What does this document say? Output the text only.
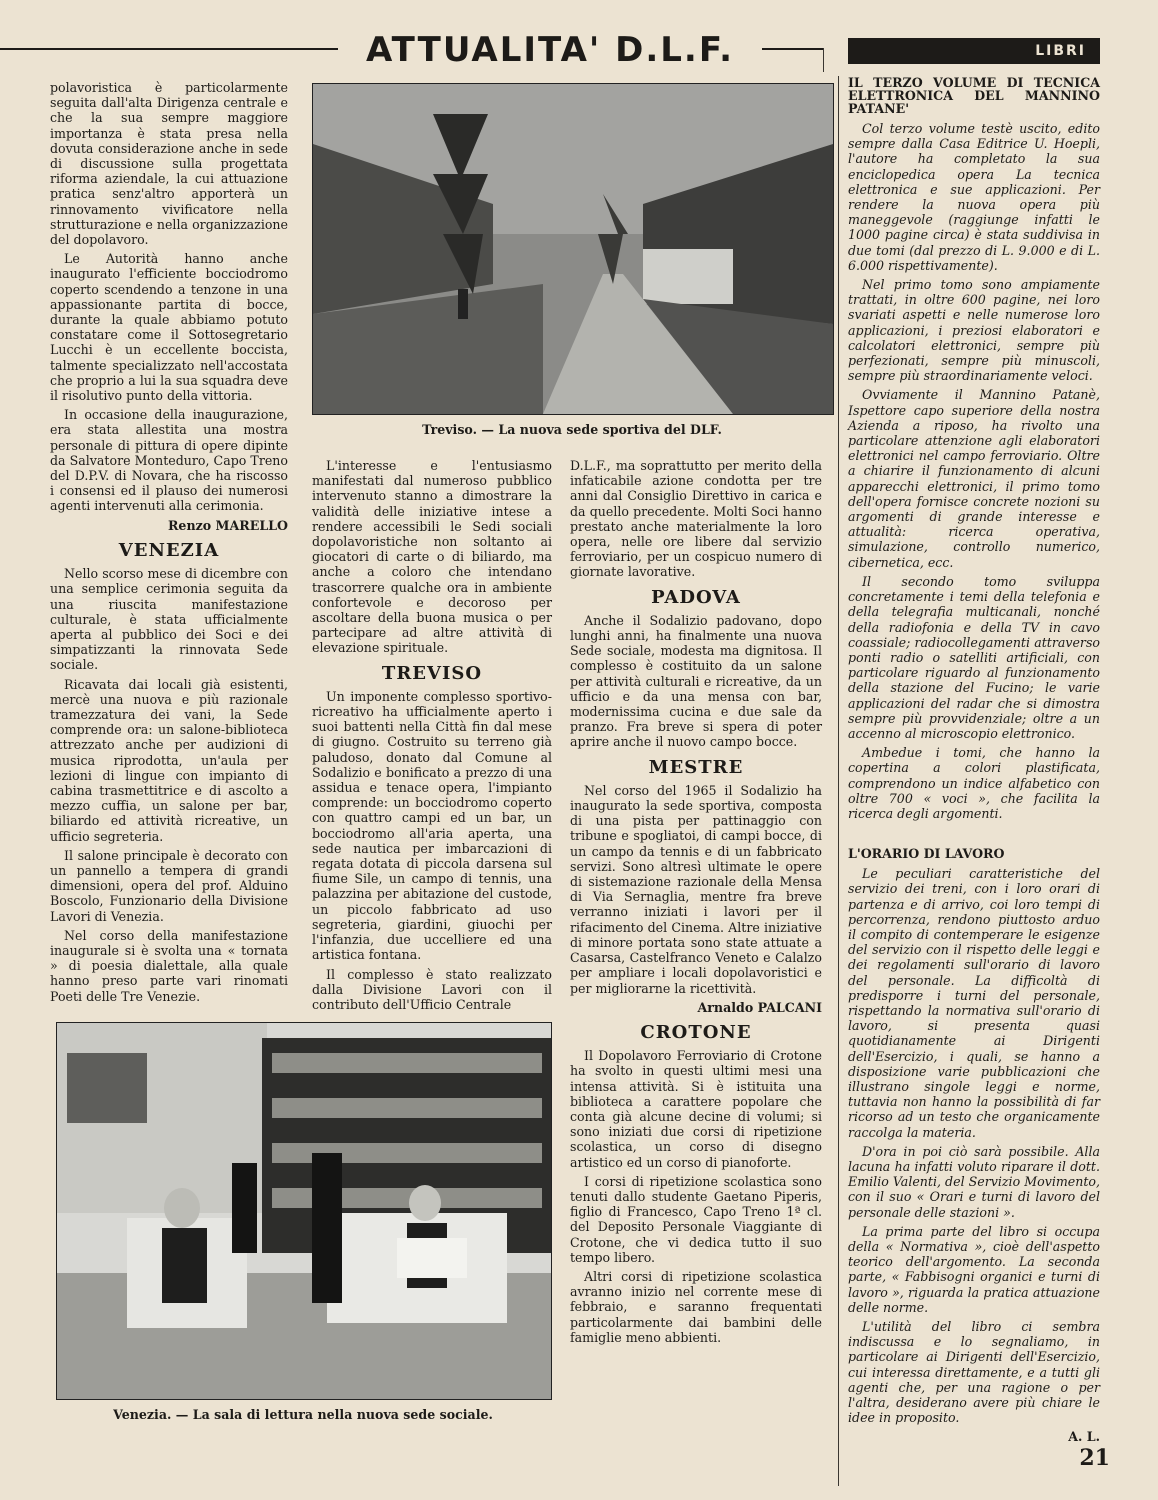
ATTUALITA' D.L.F.	LIBRI

polavoristica è particolarmente seguita dall'alta Dirigenza centrale e che la sua sempre maggiore importanza è stata presa nella dovuta considerazione anche in sede di discussione sulla progettata riforma aziendale, la cui attuazione pratica senz'altro apporterà un rinnovamento vivificatore nella strutturazione e nella organizzazione del dopolavoro.

Le Autorità hanno anche inaugurato l'efficiente bocciodromo coperto scendendo a tenzone in una appassionante partita di bocce, durante la quale abbiamo potuto constatare come il Sottosegretario Lucchi è un eccellente boccista, talmente specializzato nell'accostata che proprio a lui la sua squadra deve il risolutivo punto della vittoria.

In occasione della inaugurazione, era stata allestita una mostra personale di pittura di opere dipinte da Salvatore Monteduro, Capo Treno del D.P.V. di Novara, che ha riscosso i consensi ed il plauso dei numerosi agenti intervenuti alla cerimonia.

Renzo MARELLO
VENEZIA

Nello scorso mese di dicembre con una semplice cerimonia seguita da una riuscita manifestazione culturale, è stata ufficialmente aperta al pubblico dei Soci e dei simpatizzanti la rinnovata Sede sociale.

Ricavata dai locali già esistenti, mercè una nuova e più razionale tramezzatura dei vani, la Sede comprende ora: un salone-biblioteca attrezzato anche per audizioni di musica riprodotta, un'aula per lezioni di lingue con impianto di cabina trasmettitrice e di ascolto a mezzo cuffia, un salone per bar, biliardo ed attività ricreative, un ufficio segreteria.

Il salone principale è decorato con un pannello a tempera di grandi dimensioni, opera del prof. Alduino Boscolo, Funzionario della Divisione Lavori di Venezia.

Nel corso della manifestazione inaugurale si è svolta una « tornata » di poesia dialettale, alla quale hanno preso parte vari rinomati Poeti delle Tre Venezie.

Treviso. — La nuova sede sportiva del DLF.

L'interesse e l'entusiasmo manifestati dal numeroso pubblico intervenuto stanno a dimostrare la validità delle iniziative intese a rendere accessibili le Sedi sociali dopolavoristiche non soltanto ai giocatori di carte o di biliardo, ma anche a coloro che intendano trascorrere qualche ora in ambiente confortevole e decoroso per ascoltare della buona musica o per partecipare ad altre attività di elevazione spirituale.

TREVISO

Un imponente complesso sportivo-ricreativo ha ufficialmente aperto i suoi battenti nella Città fin dal mese di giugno. Costruito su terreno già paludoso, donato dal Comune al Sodalizio e bonificato a prezzo di una assidua e tenace opera, l'impianto comprende: un bocciodromo coperto con quattro campi ed un bar, un bocciodromo all'aria aperta, una sede nautica per imbarcazioni di regata dotata di piccola darsena sul fiume Sile, un campo di tennis, una palazzina per abitazione del custode, un piccolo fabbricato ad uso segreteria, giardini, giuochi per l'infanzia, due uccelliere ed una artistica fontana.

Il complesso è stato realizzato dalla Divisione Lavori con il contributo dell'Ufficio Centrale

D.L.F., ma soprattutto per merito della infaticabile azione condotta per tre anni dal Consiglio Direttivo in carica e da quello precedente. Molti Soci hanno prestato anche materialmente la loro opera, nelle ore libere dal servizio ferroviario, per un cospicuo numero di giornate lavorative.

PADOVA

Anche il Sodalizio padovano, dopo lunghi anni, ha finalmente una nuova Sede sociale, modesta ma dignitosa. Il complesso è costituito da un salone per attività culturali e ricreative, da un ufficio e da una mensa con bar, modernissima cucina e due sale da pranzo. Fra breve si spera di poter aprire anche il nuovo campo bocce.

MESTRE

Nel corso del 1965 il Sodalizio ha inaugurato la sede sportiva, composta di una pista per pattinaggio con tribune e spogliatoi, di campi bocce, di un campo da tennis e di un fabbricato servizi. Sono altresì ultimate le opere di sistemazione razionale della Mensa di Via Sernaglia, mentre fra breve verranno iniziati i lavori per il rifacimento del Cinema. Altre iniziative di minore portata sono state attuate a Casarsa, Castelfranco Veneto e Calalzo per ampliare i locali dopolavoristici e per migliorarne la ricettività.

Arnaldo PALCANI
CROTONE

Il Dopolavoro Ferroviario di Crotone ha svolto in questi ultimi mesi una intensa attività. Si è istituita una biblioteca a carattere popolare che conta già alcune decine di volumi; si sono iniziati due corsi di ripetizione scolastica, un corso di disegno artistico ed un corso di pianoforte.

I corsi di ripetizione scolastica sono tenuti dallo studente Gaetano Piperis, figlio di Francesco, Capo Treno 1ª cl. del Deposito Personale Viaggiante di Crotone, che vi dedica tutto il suo tempo libero.

Altri corsi di ripetizione scolastica avranno inizio nel corrente mese di febbraio, e saranno frequentati particolarmente dai bambini delle famiglie meno abbienti.

Venezia. — La sala di lettura nella nuova sede sociale.
IL TERZO VOLUME DI TECNICA ELETTRONICA DEL MANNINO PATANE'

Col terzo volume testè uscito, edito sempre dalla Casa Editrice U. Hoepli, l'autore ha completato la sua enciclopedica opera La tecnica elettronica e sue applicazioni. Per rendere la nuova opera più maneggevole (raggiunge infatti le 1000 pagine circa) è stata suddivisa in due tomi (dal prezzo di L. 9.000 e di L. 6.000 rispettivamente).

Nel primo tomo sono ampiamente trattati, in oltre 600 pagine, nei loro svariati aspetti e nelle numerose loro applicazioni, i preziosi elaboratori e calcolatori elettronici, sempre più perfezionati, sempre più minuscoli, sempre più straordinariamente veloci.

Ovviamente il Mannino Patanè, Ispettore capo superiore della nostra Azienda a riposo, ha rivolto una particolare attenzione agli elaboratori elettronici nel campo ferroviario. Oltre a chiarire il funzionamento di alcuni apparecchi elettronici, il primo tomo dell'opera fornisce concrete nozioni su argomenti di grande interesse e attualità: ricerca operativa, simulazione, controllo numerico, cibernetica, ecc.

Il secondo tomo sviluppa concretamente i temi della telefonia e della telegrafia multicanali, nonché della radiofonia e della TV in cavo coassiale; radiocollegamenti attraverso ponti radio o satelliti artificiali, con particolare riguardo al funzionamento della stazione del Fucino; le varie applicazioni del radar che si dimostra sempre più provvidenziale; oltre a un accenno al microscopio elettronico.

Ambedue i tomi, che hanno la copertina a colori plastificata, comprendono un indice alfabetico con oltre 700 « voci », che facilita la ricerca degli argomenti.

L'ORARIO DI LAVORO

Le peculiari caratteristiche del servizio dei treni, con i loro orari di partenza e di arrivo, coi loro tempi di percorrenza, rendono piuttosto arduo il compito di contemperare le esigenze del servizio con il rispetto delle leggi e dei regolamenti sull'orario di lavoro del personale. La difficoltà di predisporre i turni del personale, rispettando la normativa sull'orario di lavoro, si presenta quasi quotidianamente ai Dirigenti dell'Esercizio, i quali, se hanno a disposizione varie pubblicazioni che illustrano singole leggi e norme, tuttavia non hanno la possibilità di far ricorso ad un testo che organicamente raccolga la materia.

D'ora in poi ciò sarà possibile. Alla lacuna ha infatti voluto riparare il dott. Emilio Valenti, del Servizio Movimento, con il suo « Orari e turni di lavoro del personale delle stazioni ».

La prima parte del libro si occupa della « Normativa », cioè dell'aspetto teorico dell'argomento. La seconda parte, « Fabbisogni organici e turni di lavoro », riguarda la pratica attuazione delle norme.

L'utilità del libro ci sembra indiscussa e lo segnaliamo, in particolare ai Dirigenti dell'Esercizio, cui interessa direttamente, e a tutti gli agenti che, per una ragione o per l'altra, desiderano avere più chiare le idee in proposito.

A. L.
21
